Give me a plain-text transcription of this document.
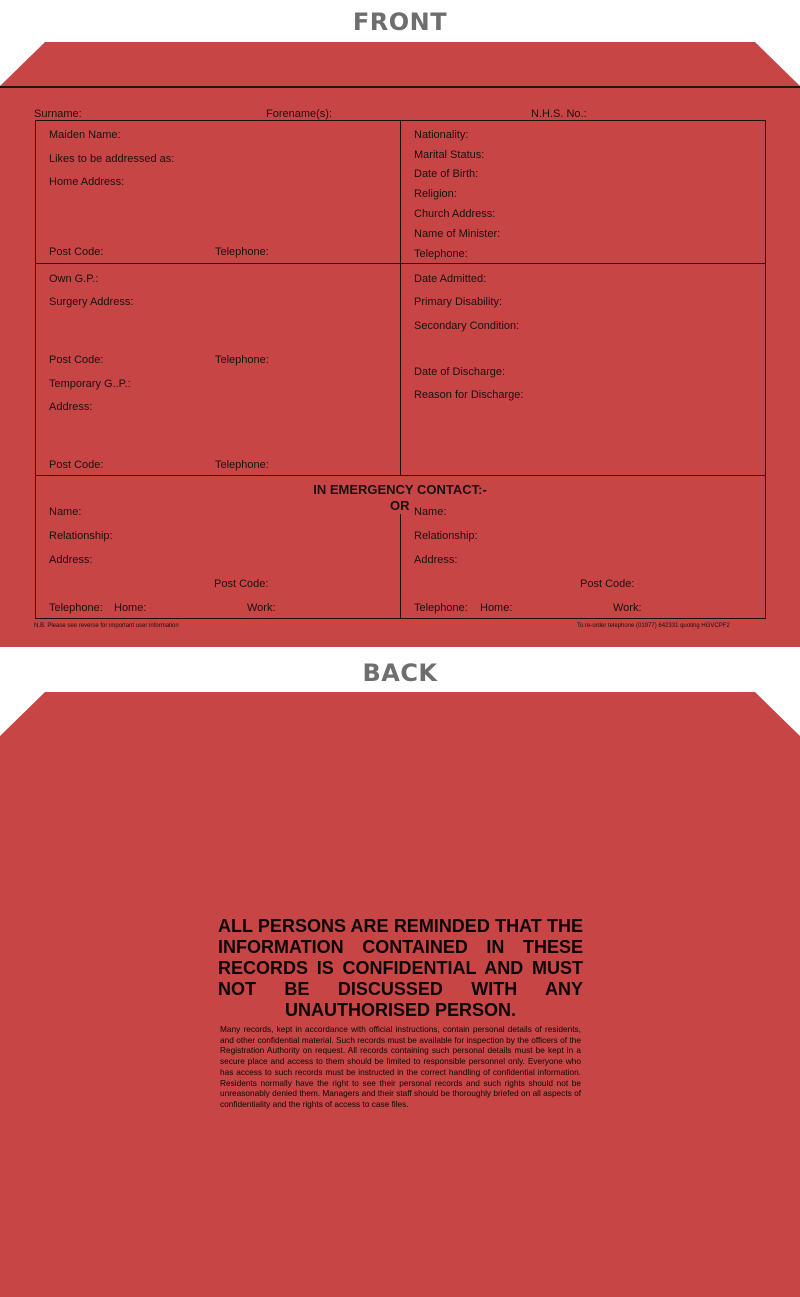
FRONT
Surname:	Forename(s):	N.H.S. No.:
Maiden Name:
Likes to be addressed as:
Home Address:
Post Code:	Telephone:
Nationality:
Marital Status:
Date of Birth:
Religion:
Church Address:
Name of Minister:
Telephone:
Own G.P.:
Surgery Address:
Post Code:	Telephone:
Temporary G..P.:
Address:
Post Code:	Telephone:
Date Admitted:
Primary Disability:
Secondary Condition:
Date of Discharge:
Reason for Discharge:
IN EMERGENCY CONTACT:-
OR
Name:
Relationship:
Address:
Post Code:
Telephone: Home:	Work:
Name:
Relationship:
Address:
Post Code:
Telephone: Home:	Work:
N.B. Please see reverse for important user information	To re-order telephone (01977) 642331 quoting HGVCPF2
BACK
ALL PERSONS ARE REMINDED THAT THE INFORMATION CONTAINED IN THESE RECORDS IS CONFIDENTIAL AND MUST NOT BE DISCUSSED WITH ANY UNAUTHORISED PERSON.
Many records, kept in accordance with official instructions, contain personal details of residents, and other confidential material. Such records must be available for inspection by the officers of the Registration Authority on request. All records containing such personal details must be kept in a secure place and access to them should be limited to responsible personnel only. Everyone who has access to such records must be instructed in the correct handling of confidential information. Residents normally have the right to see their personal records and such rights should not be unreasonably denied them. Managers and their staff should be thoroughly briefed on all aspects of confidentiality and the rights of access to case files.
